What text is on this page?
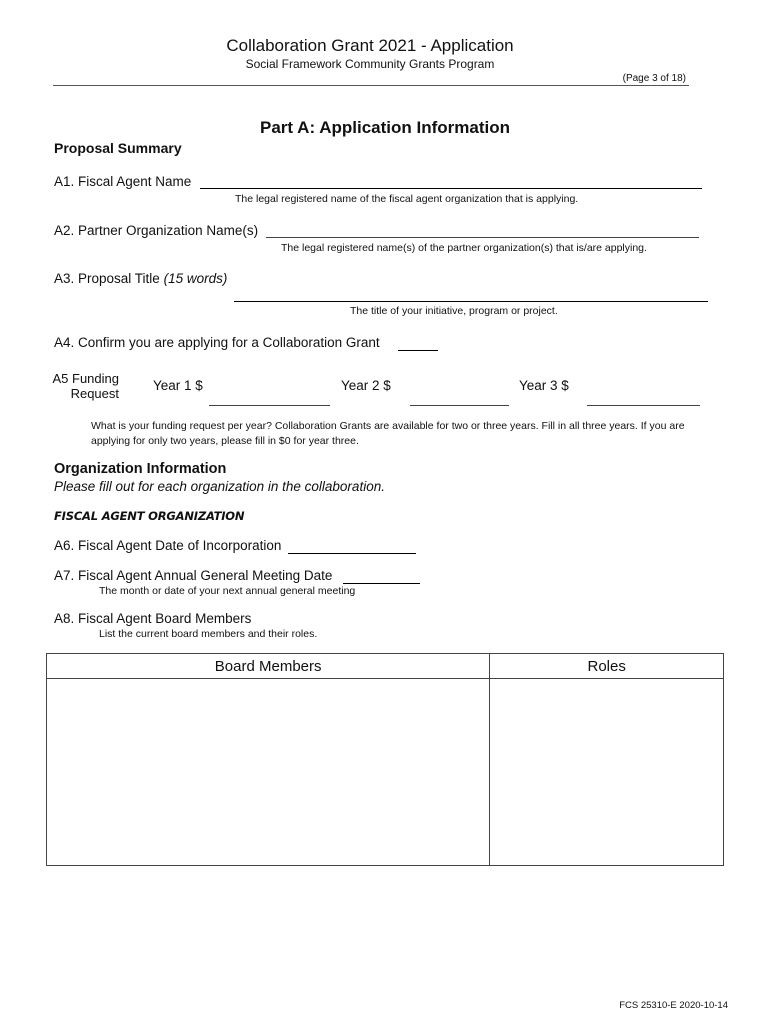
Collaboration Grant 2021 - Application
Social Framework Community Grants Program
(Page 3 of 18)
Part A: Application Information
Proposal Summary
A1. Fiscal Agent Name
The legal registered name of the fiscal agent organization that is applying.
A2. Partner Organization Name(s)
The legal registered name(s) of the partner organization(s) that is/are applying.
A3. Proposal Title (15 words)
The title of your initiative, program or project.
A4. Confirm you are applying for a Collaboration Grant
A5 Funding
Request
Year 1 $	Year 2 $	Year 3 $
What is your funding request per year? Collaboration Grants are available for two or three years. Fill in all three years. If you are applying for only two years, please fill in $0 for year three.
Organization Information
Please fill out for each organization in the collaboration.
FISCAL AGENT ORGANIZATION
A6. Fiscal Agent Date of Incorporation
A7. Fiscal Agent Annual General Meeting Date
The month or date of your next annual general meeting
A8. Fiscal Agent Board Members
List the current board members and their roles.
Board Members	Roles

FCS 25310-E 2020-10-14
